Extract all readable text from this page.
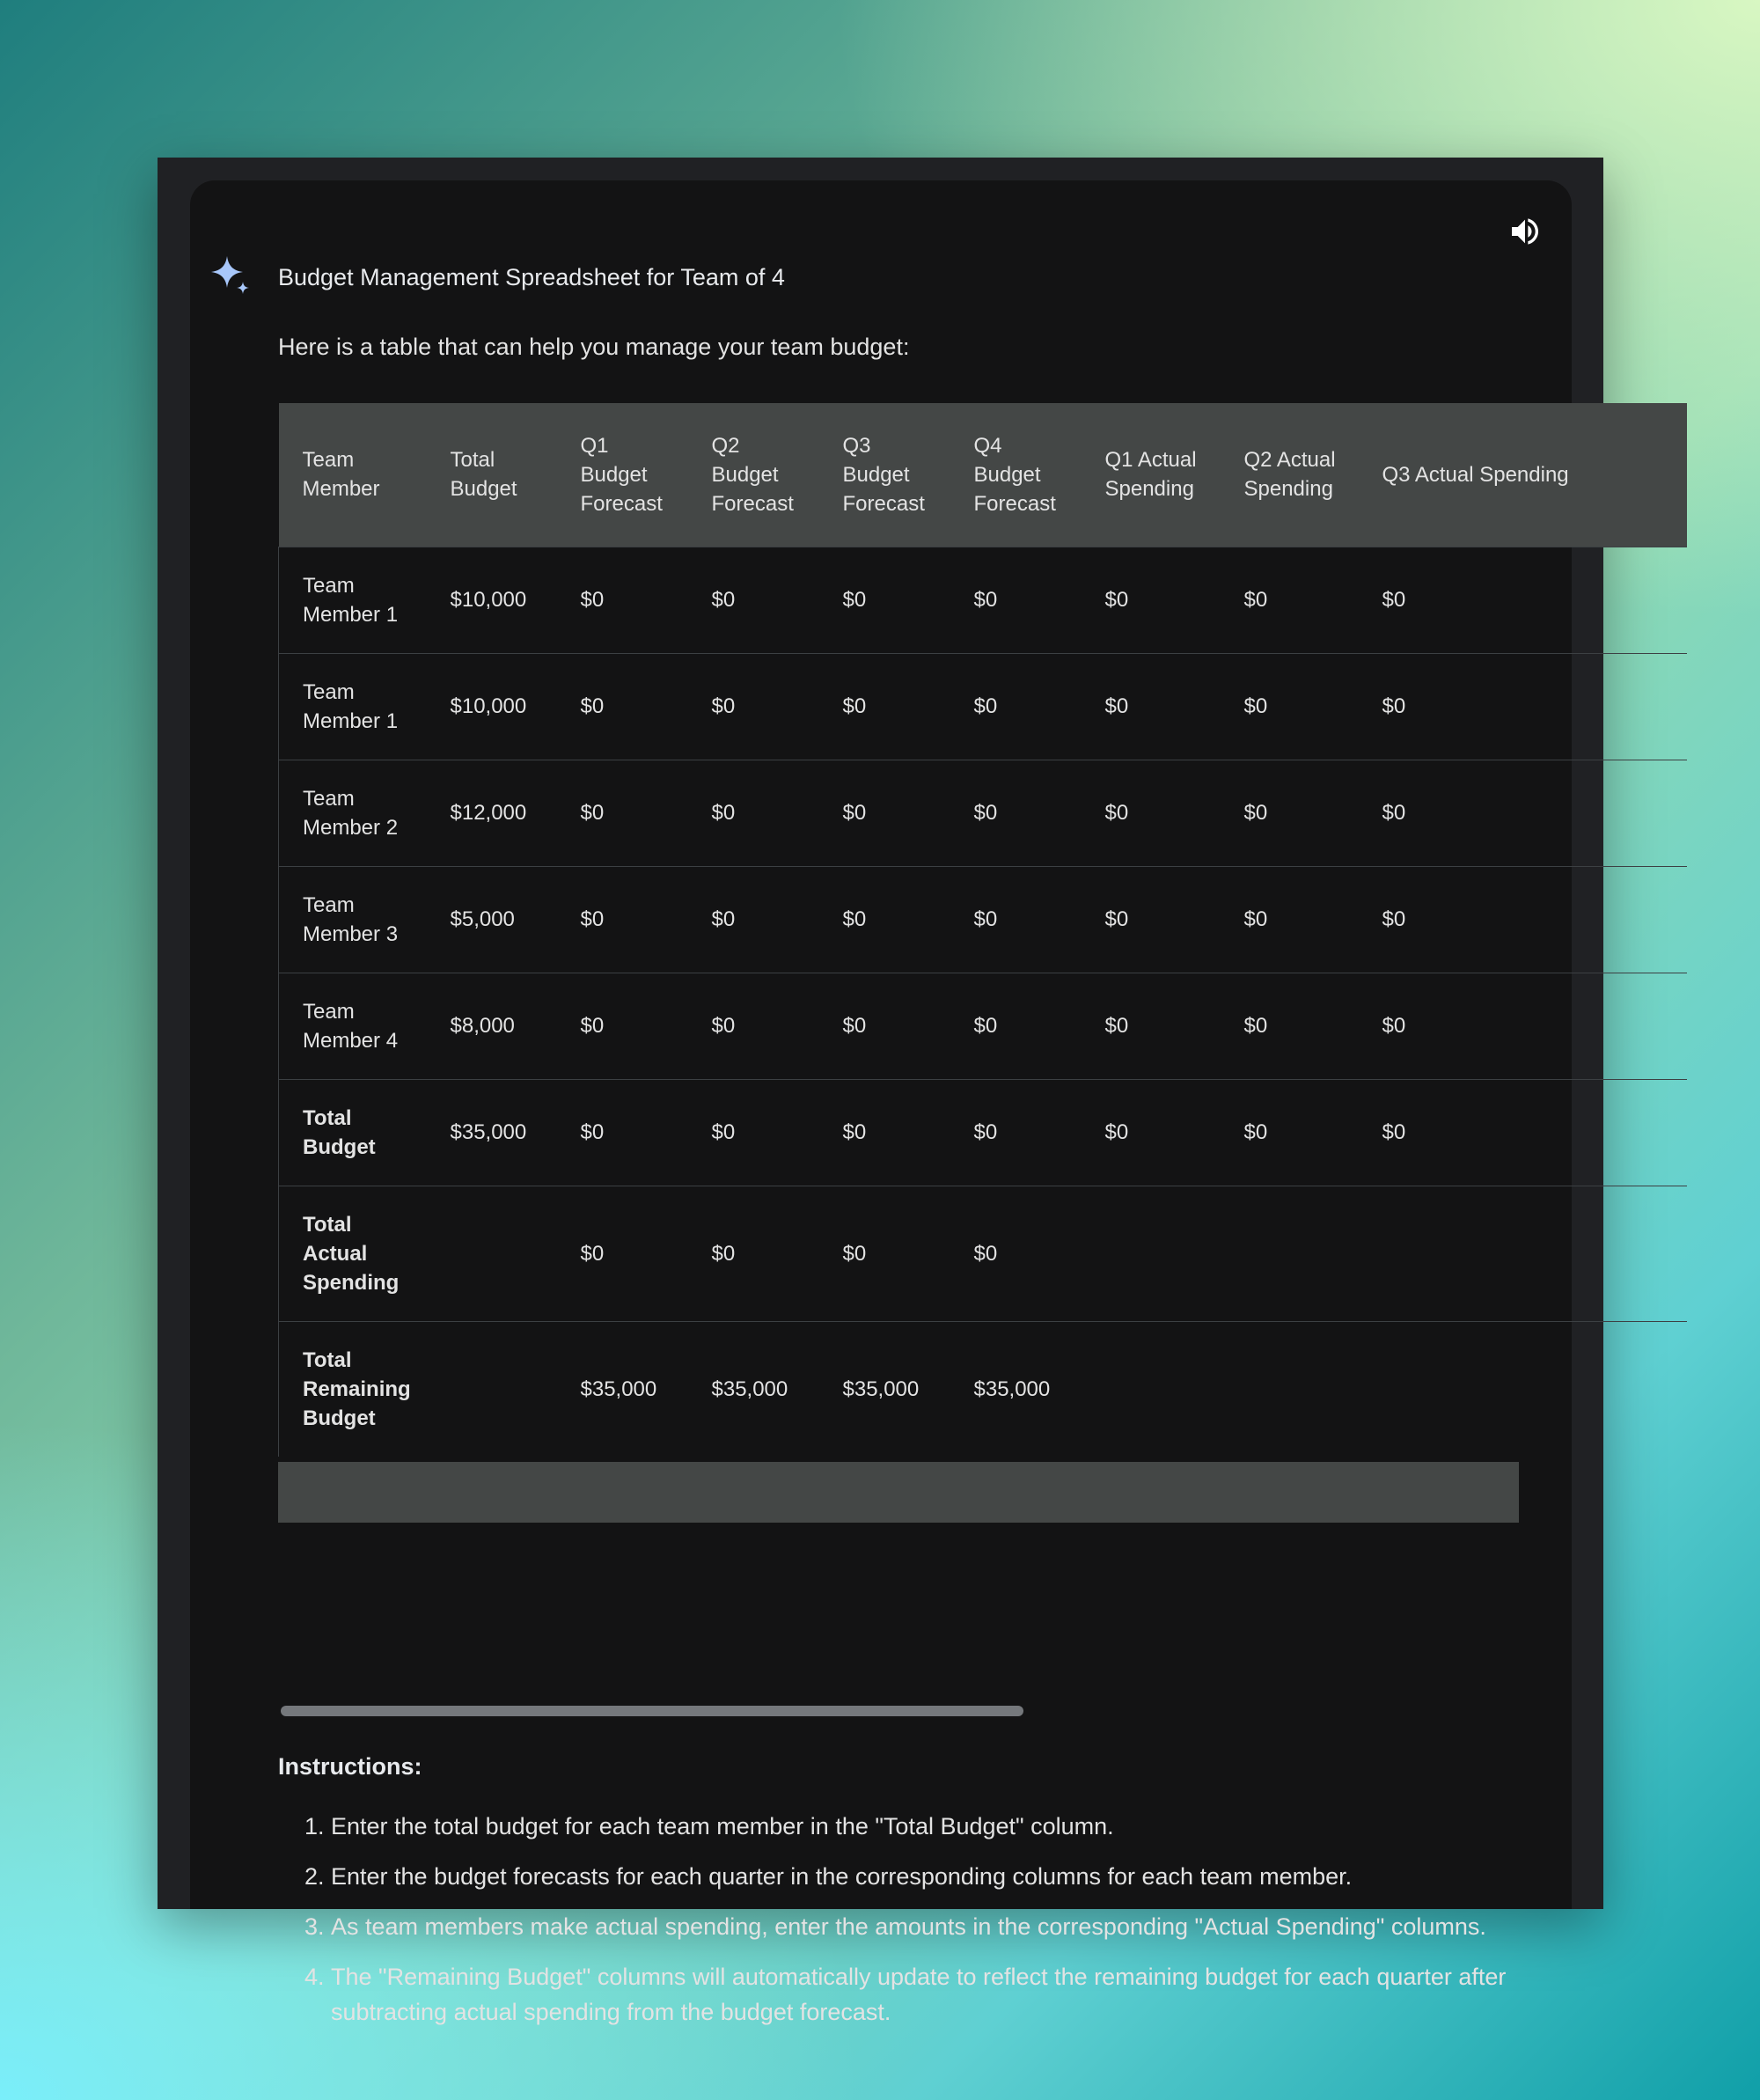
Budget Management Spreadsheet for Team of 4
Here is a table that can help you manage your team budget:
Team Member	Total Budget	Q1 Budget Forecast	Q2 Budget Forecast	Q3 Budget Forecast	Q4 Budget Forecast	Q1 Actual Spending	Q2 Actual Spending	Q3 Actual Spending
Team Member 1	$10,000	$0	$0	$0	$0	$0	$0	$0
Team Member 1	$10,000	$0	$0	$0	$0	$0	$0	$0
Team Member 2	$12,000	$0	$0	$0	$0	$0	$0	$0
Team Member 3	$5,000	$0	$0	$0	$0	$0	$0	$0
Team Member 4	$8,000	$0	$0	$0	$0	$0	$0	$0
Total Budget	$35,000	$0	$0	$0	$0	$0	$0	$0
Total Actual Spending		$0	$0	$0	$0			
Total Remaining Budget		$35,000	$35,000	$35,000	$35,000			
Instructions:
1. Enter the total budget for each team member in the "Total Budget" column.
2. Enter the budget forecasts for each quarter in the corresponding columns for each team member.
3. As team members make actual spending, enter the amounts in the corresponding "Actual Spending" columns.
4. The "Remaining Budget" columns will automatically update to reflect the remaining budget for each quarter after subtracting actual spending from the budget forecast.
